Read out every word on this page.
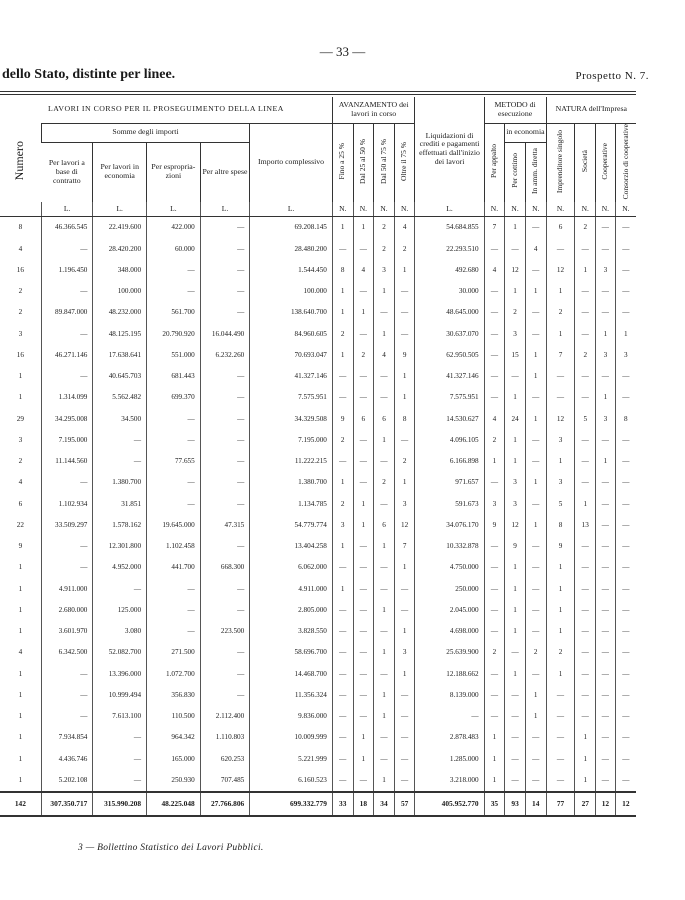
— 33 —
dello Stato, distinte per linee.	Prospetto N. 7.
LAVORI IN CORSO PER IL PROSEGUIMENTO DELLA LINEA						AVANZAMENTO dei lavori in corso				Liquidazioni di crediti e pagamenti effettuati dall'inizio dei lavori	METODO di esecuzione			NATURA dell'Impresa			
Numero	Somme degli importi				Importo complessivo	Fino a 25 %	Dal 25 al 50 %	Dal 50 al 75 %	Oltre il 75 %		Per appalto	in economia		Imprenditore singolo	Società	Cooperative	Consorzio di cooperative
	Per lavori a base di contratto	Per lavori in economia	Per espropria- zioni	Per altre spese								Per cottimo	In amm. diretta				
	L.	L.	L.	L.	L.	N.	N.	N.	N.	L.	N.	N.	N.	N.	N.	N.	N.
8	46.366.545	22.419.600	422.000	—	69.208.145	1	1	2	4	54.684.855	7	1	—	6	2	—	—
4	—	28.420.200	60.000	—	28.480.200	—	—	2	2	22.293.510	—	—	4	—	—	—	—
16	1.196.450	348.000	—	—	1.544.450	8	4	3	1	492.680	4	12	—	12	1	3	—
2	—	100.000	—	—	100.000	1	—	1	—	30.000	—	1	1	1	—	—	—
2	89.847.000	48.232.000	561.700	—	138.640.700	1	1	—	—	48.645.000	—	2	—	2	—	—	—
3	—	48.125.195	20.790.920	16.044.490	84.960.605	2	—	1	—	30.637.070	—	3	—	1	—	1	1
16	46.271.146	17.638.641	551.000	6.232.260	70.693.047	1	2	4	9	62.950.505	—	15	1	7	2	3	3
1	—	40.645.703	681.443	—	41.327.146	—	—	—	1	41.327.146	—	—	1	—	—	—	—
1	1.314.099	5.562.482	699.370	—	7.575.951	—	—	—	1	7.575.951	—	1	—	—	—	1	—
29	34.295.008	34.500	—	—	34.329.508	9	6	6	8	14.530.627	4	24	1	12	5	3	8
3	7.195.000	—	—	—	7.195.000	2	—	1	—	4.096.105	2	1	—	3	—	—	—
2	11.144.560	—	77.655	—	11.222.215	—	—	—	2	6.166.898	1	1	—	1	—	1	—
4	—	1.380.700	—	—	1.380.700	1	—	2	1	971.657	—	3	1	3	—	—	—
6	1.102.934	31.851	—	—	1.134.785	2	1	—	3	591.673	3	3	—	5	1	—	—
22	33.509.297	1.578.162	19.645.000	47.315	54.779.774	3	1	6	12	34.076.170	9	12	1	8	13	—	—
9	—	12.301.800	1.102.458	—	13.404.258	1	—	1	7	10.332.878	—	9	—	9	—	—	—
1	—	4.952.000	441.700	668.300	6.062.000	—	—	—	1	4.750.000	—	1	—	1	—	—	—
1	4.911.000	—	—	—	4.911.000	1	—	—	—	250.000	—	1	—	1	—	—	—
1	2.680.000	125.000	—	—	2.805.000	—	—	1	—	2.045.000	—	1	—	1	—	—	—
1	3.601.970	3.080	—	223.500	3.828.550	—	—	—	1	4.698.000	—	1	—	1	—	—	—
4	6.342.500	52.082.700	271.500	—	58.696.700	—	—	1	3	25.639.900	2	—	2	2	—	—	—
1	—	13.396.000	1.072.700	—	14.468.700	—	—	—	1	12.188.662	—	1	—	1	—	—	—
1	—	10.999.494	356.830	—	11.356.324	—	—	1	—	8.139.000	—	—	1	—	—	—	—
1	—	7.613.100	110.500	2.112.400	9.836.000	—	—	1	—	—	—	—	1	—	—	—	—
1	7.934.854	—	964.342	1.110.803	10.009.999	—	1	—	—	2.878.483	1	—	—	—	1	—	—
1	4.436.746	—	165.000	620.253	5.221.999	—	1	—	—	1.285.000	1	—	—	—	1	—	—
1	5.202.108	—	250.930	707.485	6.160.523	—	—	1	—	3.218.000	1	—	—	—	1	—	—
142	307.350.717	315.990.208	48.225.048	27.766.806	699.332.779	33	18	34	57	405.952.770	35	93	14	77	27	12	12
3 — Bollettino Statistico dei Lavori Pubblici.
